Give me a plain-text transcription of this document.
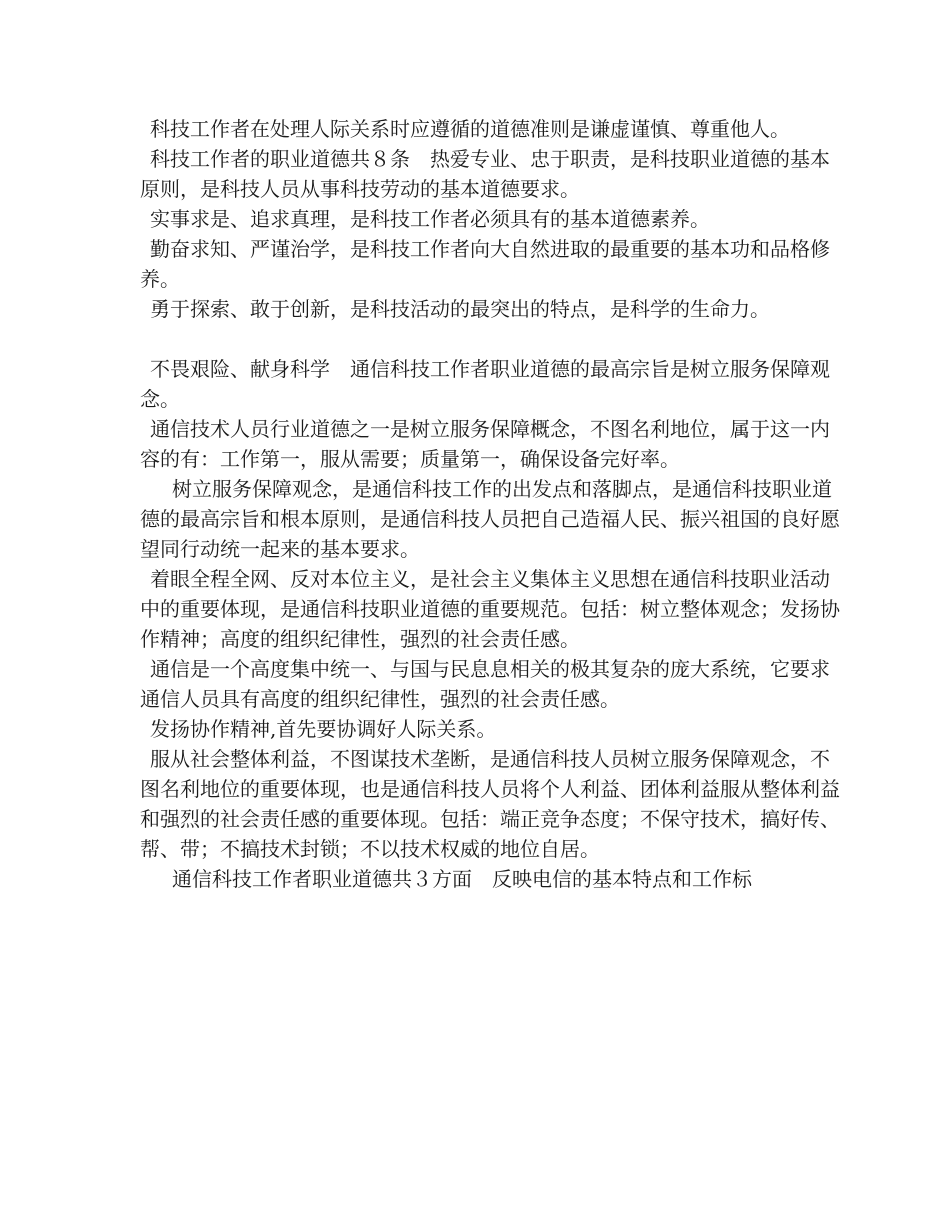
科技工作者在处理人际关系时应遵循的道德准则是谦虚谨慎、尊重他人。

科技工作者的职业道德共８条　热爱专业、忠于职责，是科技职业道德的基本原则，是科技人员从事科技劳动的基本道德要求。

实事求是、追求真理，是科技工作者必须具有的基本道德素养。

勤奋求知、严谨治学，是科技工作者向大自然进取的最重要的基本功和品格修养。

勇于探索、敢于创新，是科技活动的最突出的特点，是科学的生命力。

不畏艰险、献身科学　通信科技工作者职业道德的最高宗旨是树立服务保障观念。

通信技术人员行业道德之一是树立服务保障概念，不图名利地位，属于这一内容的有：工作第一，服从需要；质量第一，确保设备完好率。

树立服务保障观念，是通信科技工作的出发点和落脚点，是通信科技职业道德的最高宗旨和根本原则，是通信科技人员把自己造福人民、振兴祖国的良好愿望同行动统一起来的基本要求。

着眼全程全网、反对本位主义，是社会主义集体主义思想在通信科技职业活动中的重要体现，是通信科技职业道德的重要规范。包括：树立整体观念；发扬协作精神；高度的组织纪律性，强烈的社会责任感。

通信是一个高度集中统一、与国与民息息相关的极其复杂的庞大系统，它要求通信人员具有高度的组织纪律性，强烈的社会责任感。

发扬协作精神,首先要协调好人际关系。

服从社会整体利益，不图谋技术垄断，是通信科技人员树立服务保障观念，不图名利地位的重要体现，也是通信科技人员将个人利益、团体利益服从整体利益和强烈的社会责任感的重要体现。包括：端正竞争态度；不保守技术，搞好传、帮、带；不搞技术封锁；不以技术权威的地位自居。

通信科技工作者职业道德共３方面　反映电信的基本特点和工作标
